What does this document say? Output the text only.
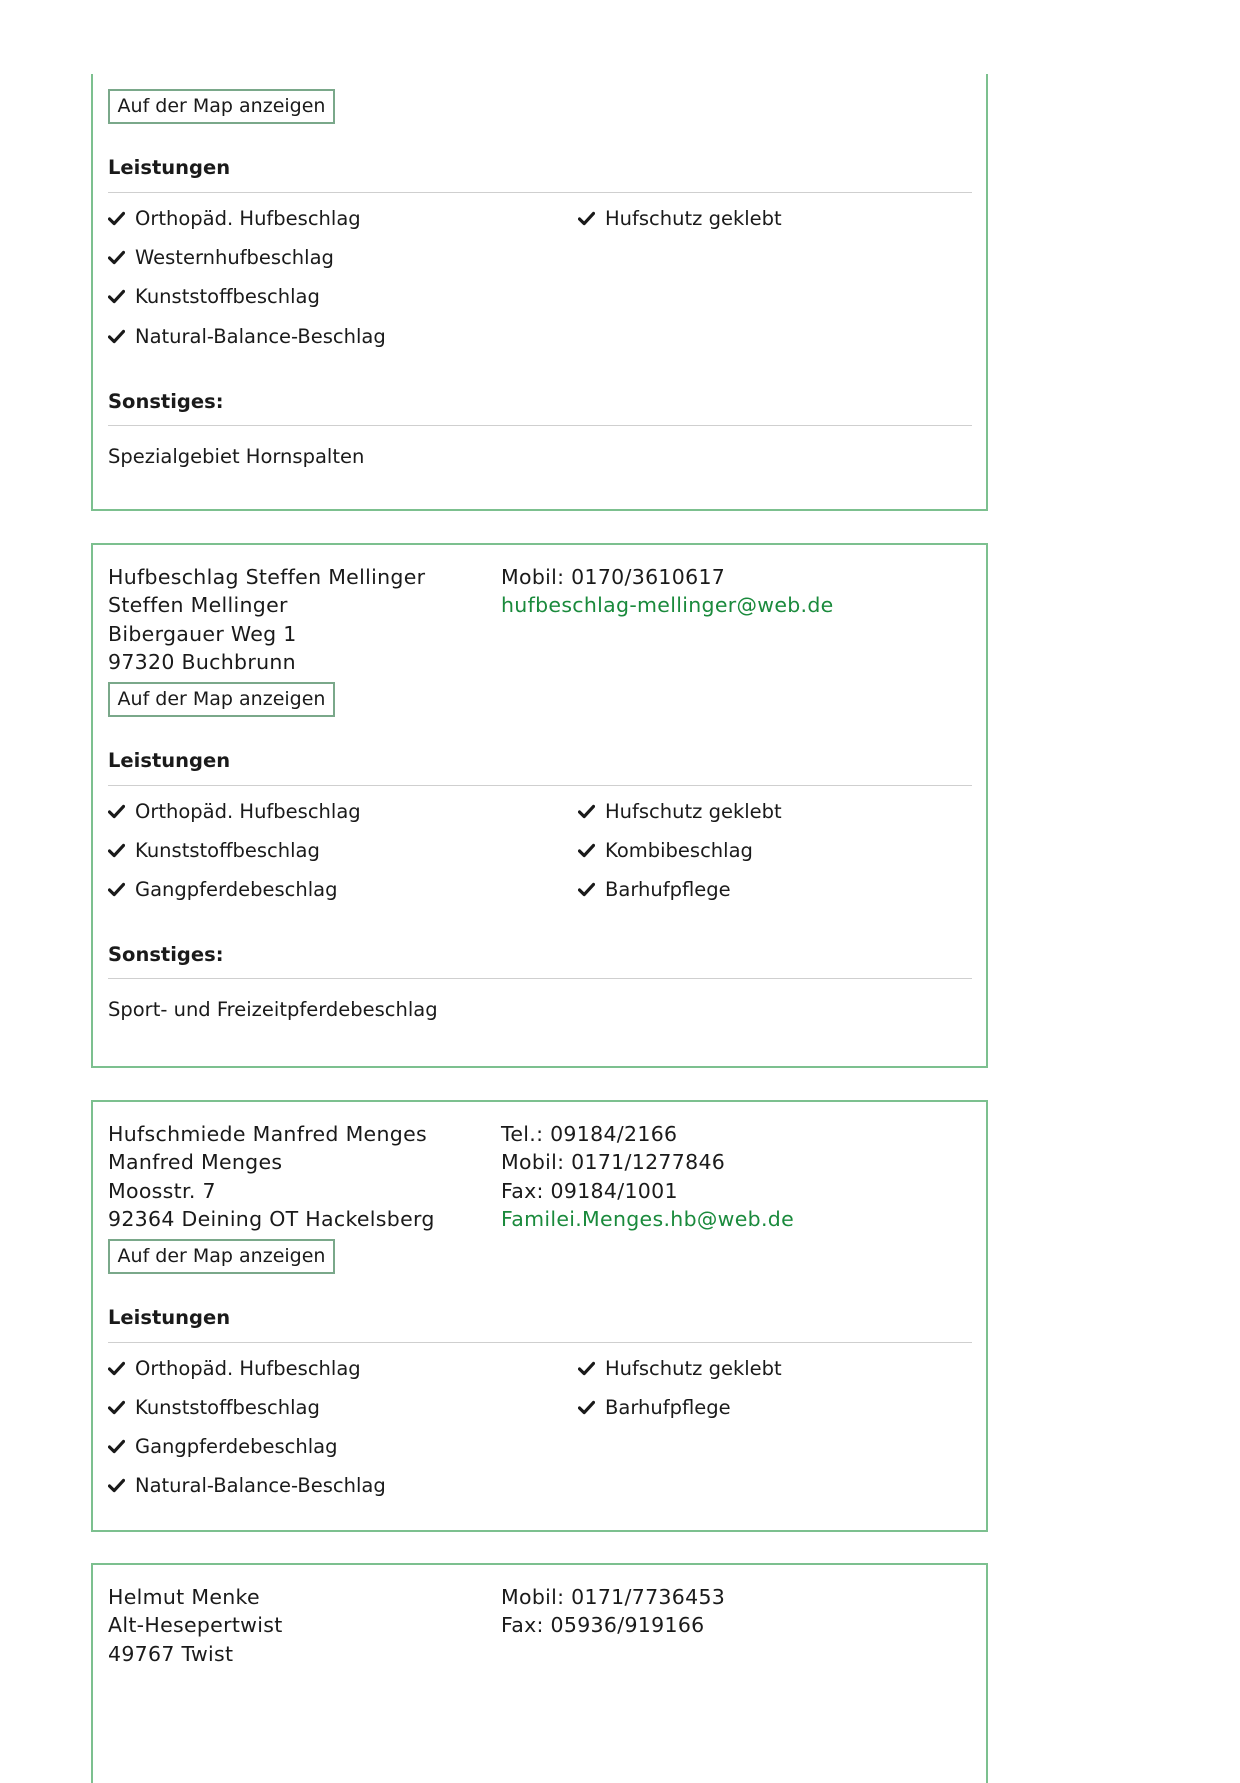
Auf der Map anzeigen
Leistungen
Orthopäd. Hufbeschlag
Westernhufbeschlag
Kunststoffbeschlag
Natural-Balance-Beschlag
Hufschutz geklebt
Sonstiges:
Spezialgebiet Hornspalten
Hufbeschlag Steffen Mellinger
Steffen Mellinger
Bibergauer Weg 1
97320 Buchbrunn
Mobil: 0170/3610617
hufbeschlag-mellinger@web.de
Auf der Map anzeigen
Leistungen
Orthopäd. Hufbeschlag
Kunststoffbeschlag
Gangpferdebeschlag
Hufschutz geklebt
Kombibeschlag
Barhufpflege
Sonstiges:
Sport- und Freizeitpferdebeschlag
Hufschmiede Manfred Menges
Manfred Menges
Moosstr. 7
92364 Deining OT Hackelsberg
Tel.: 09184/2166
Mobil: 0171/1277846
Fax: 09184/1001
Familei.Menges.hb@web.de
Auf der Map anzeigen
Leistungen
Orthopäd. Hufbeschlag
Kunststoffbeschlag
Gangpferdebeschlag
Natural-Balance-Beschlag
Hufschutz geklebt
Barhufpflege
Helmut Menke
Alt-Hesepertwist
49767 Twist
Mobil: 0171/7736453
Fax: 05936/919166
